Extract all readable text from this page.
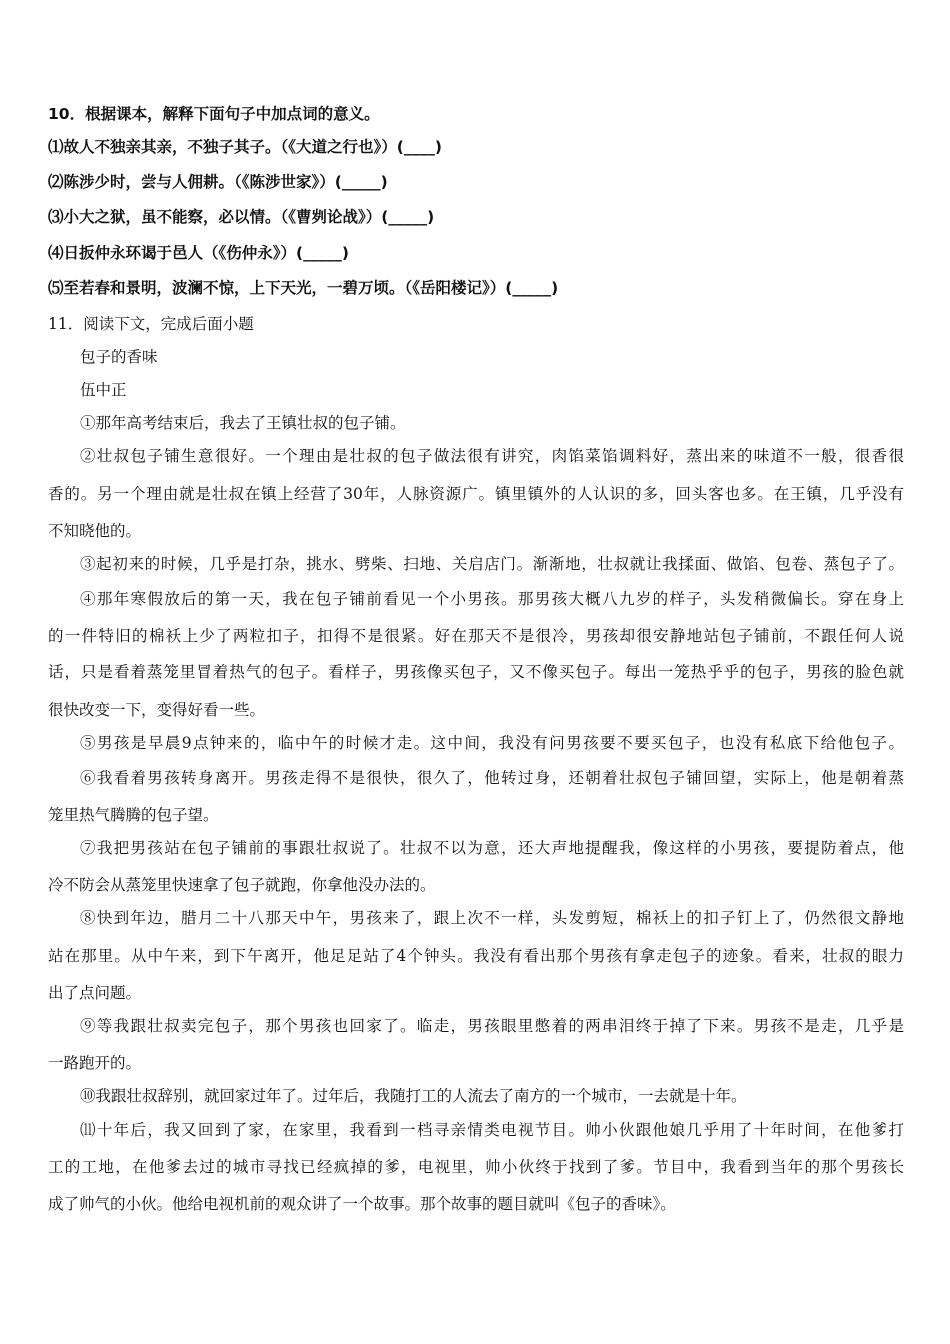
10．根据课本，解释下面句子中加点词的意义。
⑴故人不独亲其亲，不独子其子。（《大道之行也》）(____)
⑵陈涉少时，尝与人佣耕。（《陈涉世家》）(_____)
⑶小大之狱，虽不能察，必以情。（《曹刿论战》）(_____)
⑷日扳仲永环谒于邑人（《伤仲永》）(_____)
⑸至若春和景明，波澜不惊，上下天光，一碧万顷。（《岳阳楼记》）(_____)
11．阅读下文，完成后面小题
包子的香味
伍中正
①那年高考结束后，我去了王镇壮叔的包子铺。
②壮叔包子铺生意很好。一个理由是壮叔的包子做法很有讲究，肉馅菜馅调料好，蒸出来的味道不一般，很香很
香的。另一个理由就是壮叔在镇上经营了30年，人脉资源广。镇里镇外的人认识的多，回头客也多。在王镇，几乎没有
不知晓他的。
③起初来的时候，几乎是打杂，挑水、劈柴、扫地、关启店门。渐渐地，壮叔就让我揉面、做馅、包卷、蒸包子了。
④那年寒假放后的第一天，我在包子铺前看见一个小男孩。那男孩大概八九岁的样子，头发稍微偏长。穿在身上
的一件特旧的棉袄上少了两粒扣子，扣得不是很紧。好在那天不是很冷，男孩却很安静地站包子铺前，不跟任何人说
话，只是看着蒸笼里冒着热气的包子。看样子，男孩像买包子，又不像买包子。每出一笼热乎乎的包子，男孩的脸色就
很快改变一下，变得好看一些。
⑤男孩是早晨9点钟来的，临中午的时候才走。这中间，我没有问男孩要不要买包子，也没有私底下给他包子。
⑥我看着男孩转身离开。男孩走得不是很快，很久了，他转过身，还朝着壮叔包子铺回望，实际上，他是朝着蒸
笼里热气腾腾的包子望。
⑦我把男孩站在包子铺前的事跟壮叔说了。壮叔不以为意，还大声地提醒我，像这样的小男孩，要提防着点，他
冷不防会从蒸笼里快速拿了包子就跑，你拿他没办法的。
⑧快到年边，腊月二十八那天中午，男孩来了，跟上次不一样，头发剪短，棉袄上的扣子钉上了，仍然很文静地
站在那里。从中午来，到下午离开，他足足站了4个钟头。我没有看出那个男孩有拿走包子的迹象。看来，壮叔的眼力
出了点问题。
⑨等我跟壮叔卖完包子，那个男孩也回家了。临走，男孩眼里憋着的两串泪终于掉了下来。男孩不是走，几乎是
一路跑开的。
⑩我跟壮叔辞别，就回家过年了。过年后，我随打工的人流去了南方的一个城市，一去就是十年。
⑾十年后，我又回到了家，在家里，我看到一档寻亲情类电视节目。帅小伙跟他娘几乎用了十年时间，在他爹打
工的工地，在他爹去过的城市寻找已经疯掉的爹，电视里，帅小伙终于找到了爹。节目中，我看到当年的那个男孩长
成了帅气的小伙。他给电视机前的观众讲了一个故事。那个故事的题目就叫《包子的香味》。
